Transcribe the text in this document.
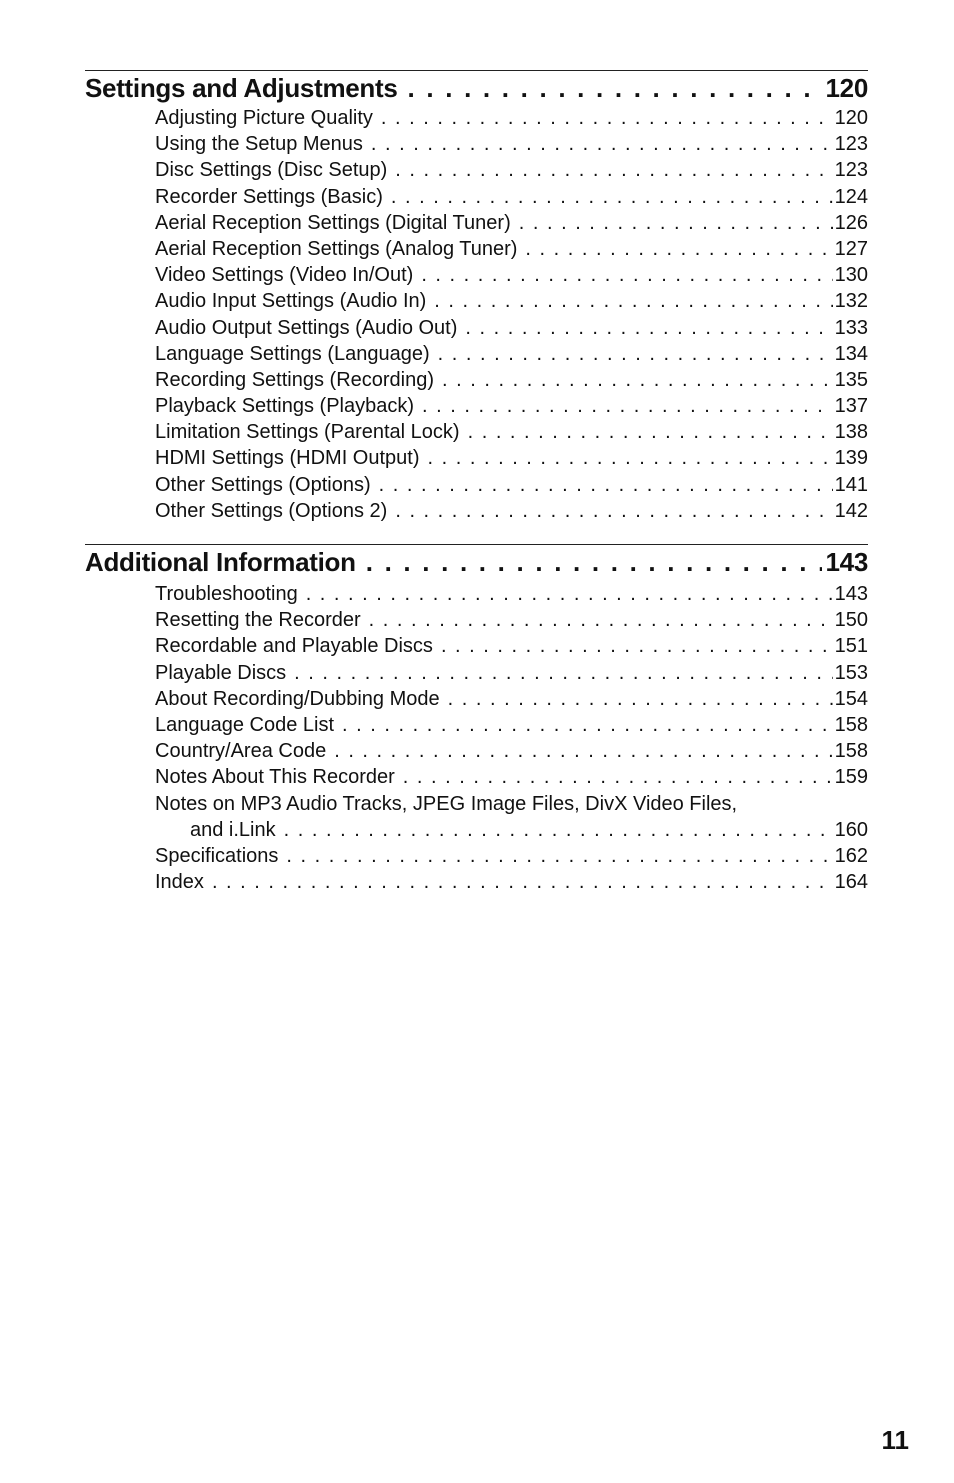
Settings and Adjustments . . .	120
Adjusting Picture Quality . . .	120
Using the Setup Menus . . .	123
Disc Settings (Disc Setup) . . .	123
Recorder Settings (Basic) . . .	124
Aerial Reception Settings (Digital Tuner) . . .	126
Aerial Reception Settings (Analog Tuner) . . .	127
Video Settings (Video In/Out) . . .	130
Audio Input Settings (Audio In) . . .	132
Audio Output Settings (Audio Out) . . .	133
Language Settings (Language) . . .	134
Recording Settings (Recording) . . .	135
Playback Settings (Playback) . . .	137
Limitation Settings (Parental Lock) . . .	138
HDMI Settings (HDMI Output) . . .	139
Other Settings (Options) . . .	141
Other Settings (Options 2) . . .	142
Additional Information . . .	143
Troubleshooting . . .	143
Resetting the Recorder . . .	150
Recordable and Playable Discs . . .	151
Playable Discs . . .	153
About Recording/Dubbing Mode . . .	154
Language Code List . . .	158
Country/Area Code . . .	158
Notes About This Recorder . . .	159
Notes on MP3 Audio Tracks, JPEG Image Files, DivX Video Files,
and i.Link . . .	160
Specifications . . .	162
Index . . .	164
11
